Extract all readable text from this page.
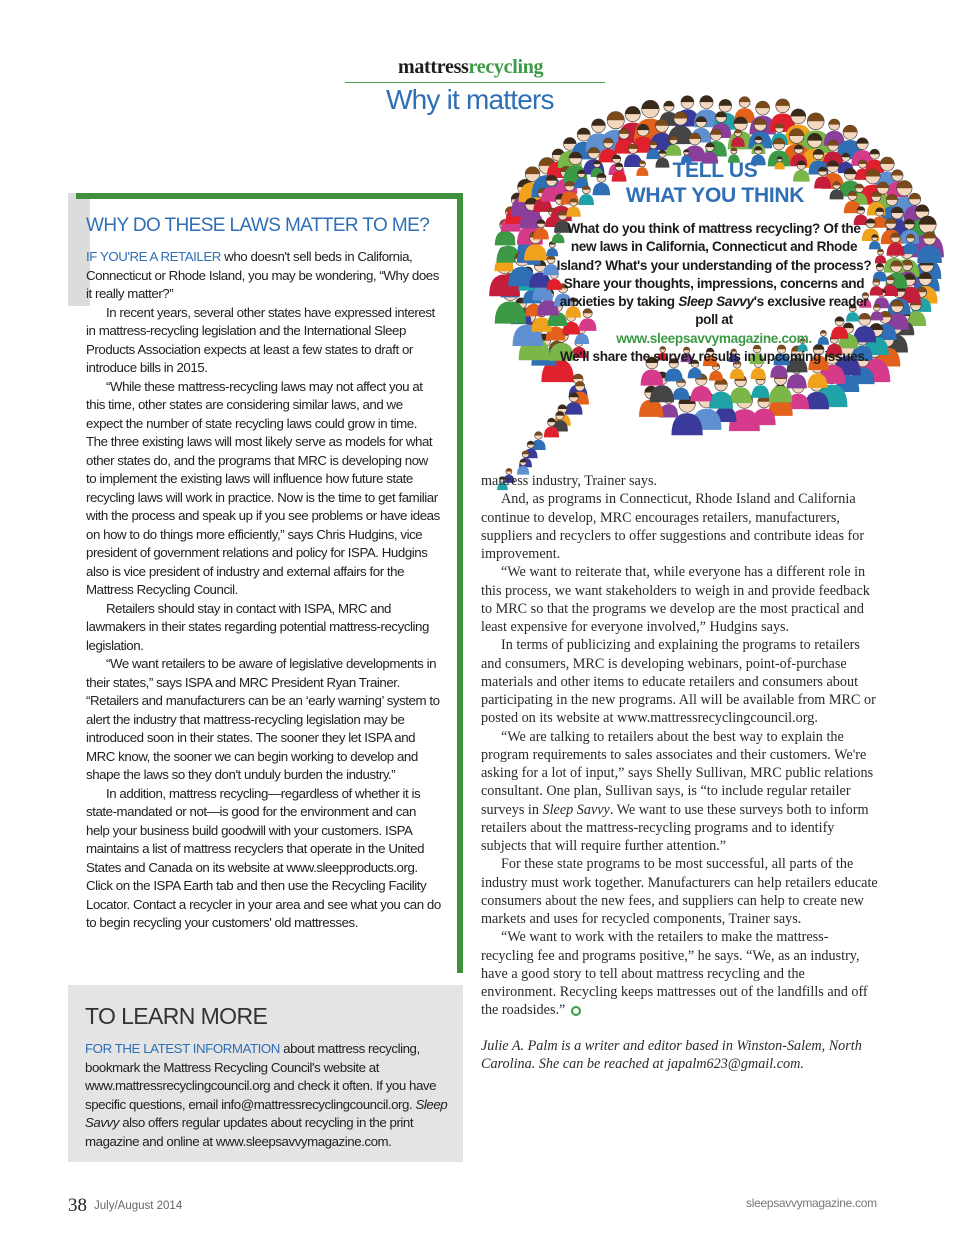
mattressrecycling
Why it matters
WHY DO THESE LAWS MATTER TO ME?

IF YOU'RE A RETAILER who doesn't sell beds in California, Connecticut or Rhode Island, you may be wondering, “Why does it really matter?”

In recent years, several other states have expressed interest in mattress-recycling legislation and the International Sleep Products Association expects at least a few states to draft or introduce bills in 2015.

“While these mattress-recycling laws may not affect you at this time, other states are considering similar laws, and we expect the number of state recycling laws could grow in time. The three existing laws will most likely serve as models for what other states do, and the programs that MRC is developing now to implement the existing laws will influence how future state recycling laws will work in practice. Now is the time to get familiar with the process and speak up if you see problems or have ideas on how to do things more efficiently,” says Chris Hudgins, vice president of government relations and policy for ISPA. Hudgins also is vice president of industry and external affairs for the Mattress Recycling Council.

Retailers should stay in contact with ISPA, MRC and lawmakers in their states regarding potential mattress-recycling legislation.

“We want retailers to be aware of legislative developments in their states,” says ISPA and MRC President Ryan Trainer. “Retailers and manufacturers can be an ‘early warning’ system to alert the industry that mattress-recycling legislation may be introduced soon in their states. The sooner they let ISPA and MRC know, the sooner we can begin working to develop and shape the laws so they don't unduly burden the industry.”

In addition, mattress recycling—regardless of whether it is state-mandated or not—is good for the environment and can help your business build goodwill with your customers. ISPA maintains a list of mattress recyclers that operate in the United States and Canada on its website at www.sleepproducts.org. Click on the ISPA Earth tab and then use the Recycling Facility Locator. Contact a recycler in your area and see what you can do to begin recycling your customers' old mattresses.

TO LEARN MORE
FOR THE LATEST INFORMATION about mattress recycling, bookmark the Mattress Recycling Council's website at www.mattressrecyclingcouncil.org and check it often. If you have specific questions, email info@mattressrecyclingcouncil.org. Sleep Savvy also offers regular updates about recycling in the print magazine and online at www.sleepsavvymagazine.com.
TELL US
WHAT YOU THINK
What do you think of mattress recycling? Of the new laws in California, Connecticut and Rhode Island? What's your understanding of the process? Share your thoughts, impressions, concerns and anxieties by taking Sleep Savvy's exclusive reader poll at
www.sleepsavvymagazine.com.
We'll share the survey results in upcoming issues.

mattress industry, Trainer says.

And, as programs in Connecticut, Rhode Island and California continue to develop, MRC encourages retailers, manufacturers, suppliers and recyclers to offer suggestions and contribute ideas for improvement.

“We want to reiterate that, while everyone has a different role in this process, we want stakeholders to weigh in and provide feedback to MRC so that the programs we develop are the most practical and least expensive for everyone involved,” Hudgins says.

In terms of publicizing and explaining the programs to retailers and consumers, MRC is developing webinars, point-of-purchase materials and other items to educate retailers and consumers about participating in the new programs. All will be available from MRC or posted on its website at www.mattressrecyclingcouncil.org.

“We are talking to retailers about the best way to explain the program requirements to sales associates and their customers. We're asking for a lot of input,” says Shelly Sullivan, MRC public relations consultant. One plan, Sullivan says, is “to include regular retailer surveys in Sleep Savvy. We want to use these surveys both to inform retailers about the mattress-recycling programs and to identify subjects that will require further attention.”

For these state programs to be most successful, all parts of the industry must work together. Manufacturers can help retailers educate consumers about the new fees, and suppliers can help to create new markets and uses for recycled components, Trainer says.

“We want to work with the retailers to make the mattress-recycling fee and programs positive,” he says. “We, as an industry, have a good story to tell about mattress recycling and the environment. Recycling keeps mattresses out of the landfills and off the roadsides.”

Julie A. Palm is a writer and editor based in Winston-Salem, North Carolina. She can be reached at japalm623@gmail.com.

38 July/August 2014	sleepsavvymagazine.com
